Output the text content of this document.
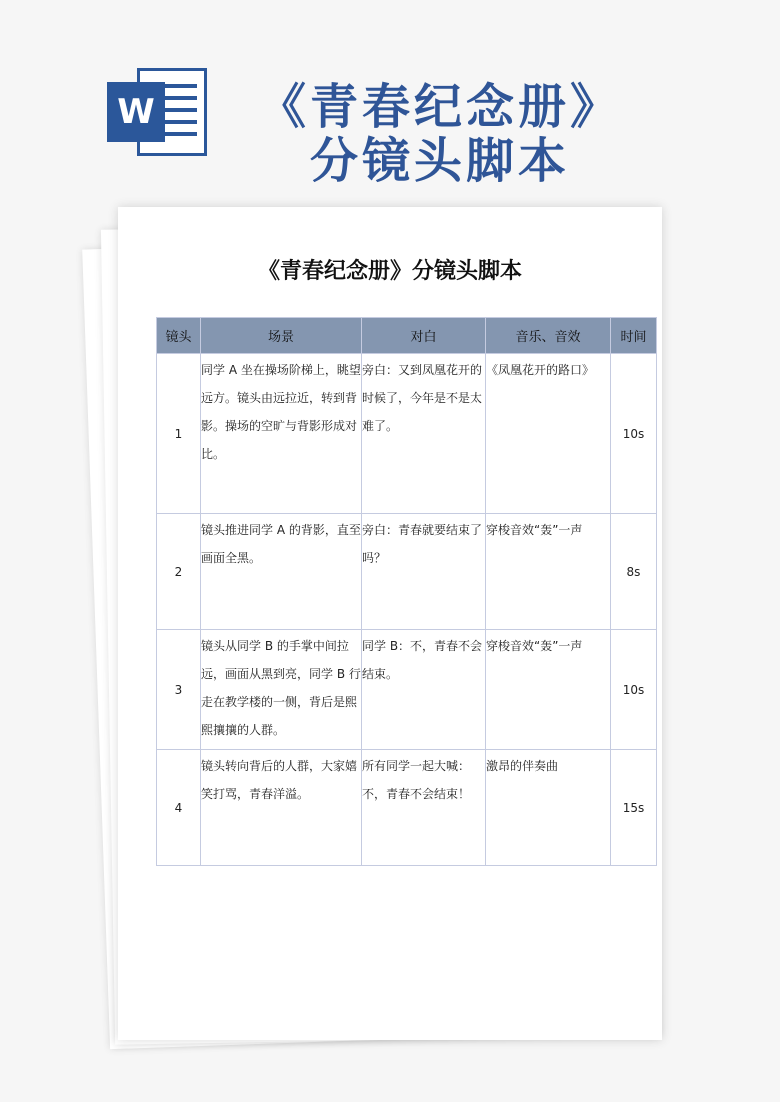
W	《青春纪念册》
分镜头脚本
《青春纪念册》分镜头脚本
镜头	场景	对白	音乐、音效	时间
1	同学 A 坐在操场阶梯上，眺望远方。镜头由远拉近，转到背影。操场的空旷与背影形成对比。	旁白：又到凤凰花开的时候了，今年是不是太难了。	《凤凰花开的路口》	10s
2	镜头推进同学 A 的背影，直至画面全黑。	旁白：青春就要结束了吗？	穿梭音效“轰”一声	8s
3	镜头从同学 B 的手掌中间拉远，画面从黑到亮，同学 B 行走在教学楼的一侧，背后是熙熙攘攘的人群。	同学 B：不，青春不会结束。	穿梭音效“轰”一声	10s
4	镜头转向背后的人群，大家嬉笑打骂，青春洋溢。	所有同学一起大喊：不，青春不会结束！	激昂的伴奏曲	15s
